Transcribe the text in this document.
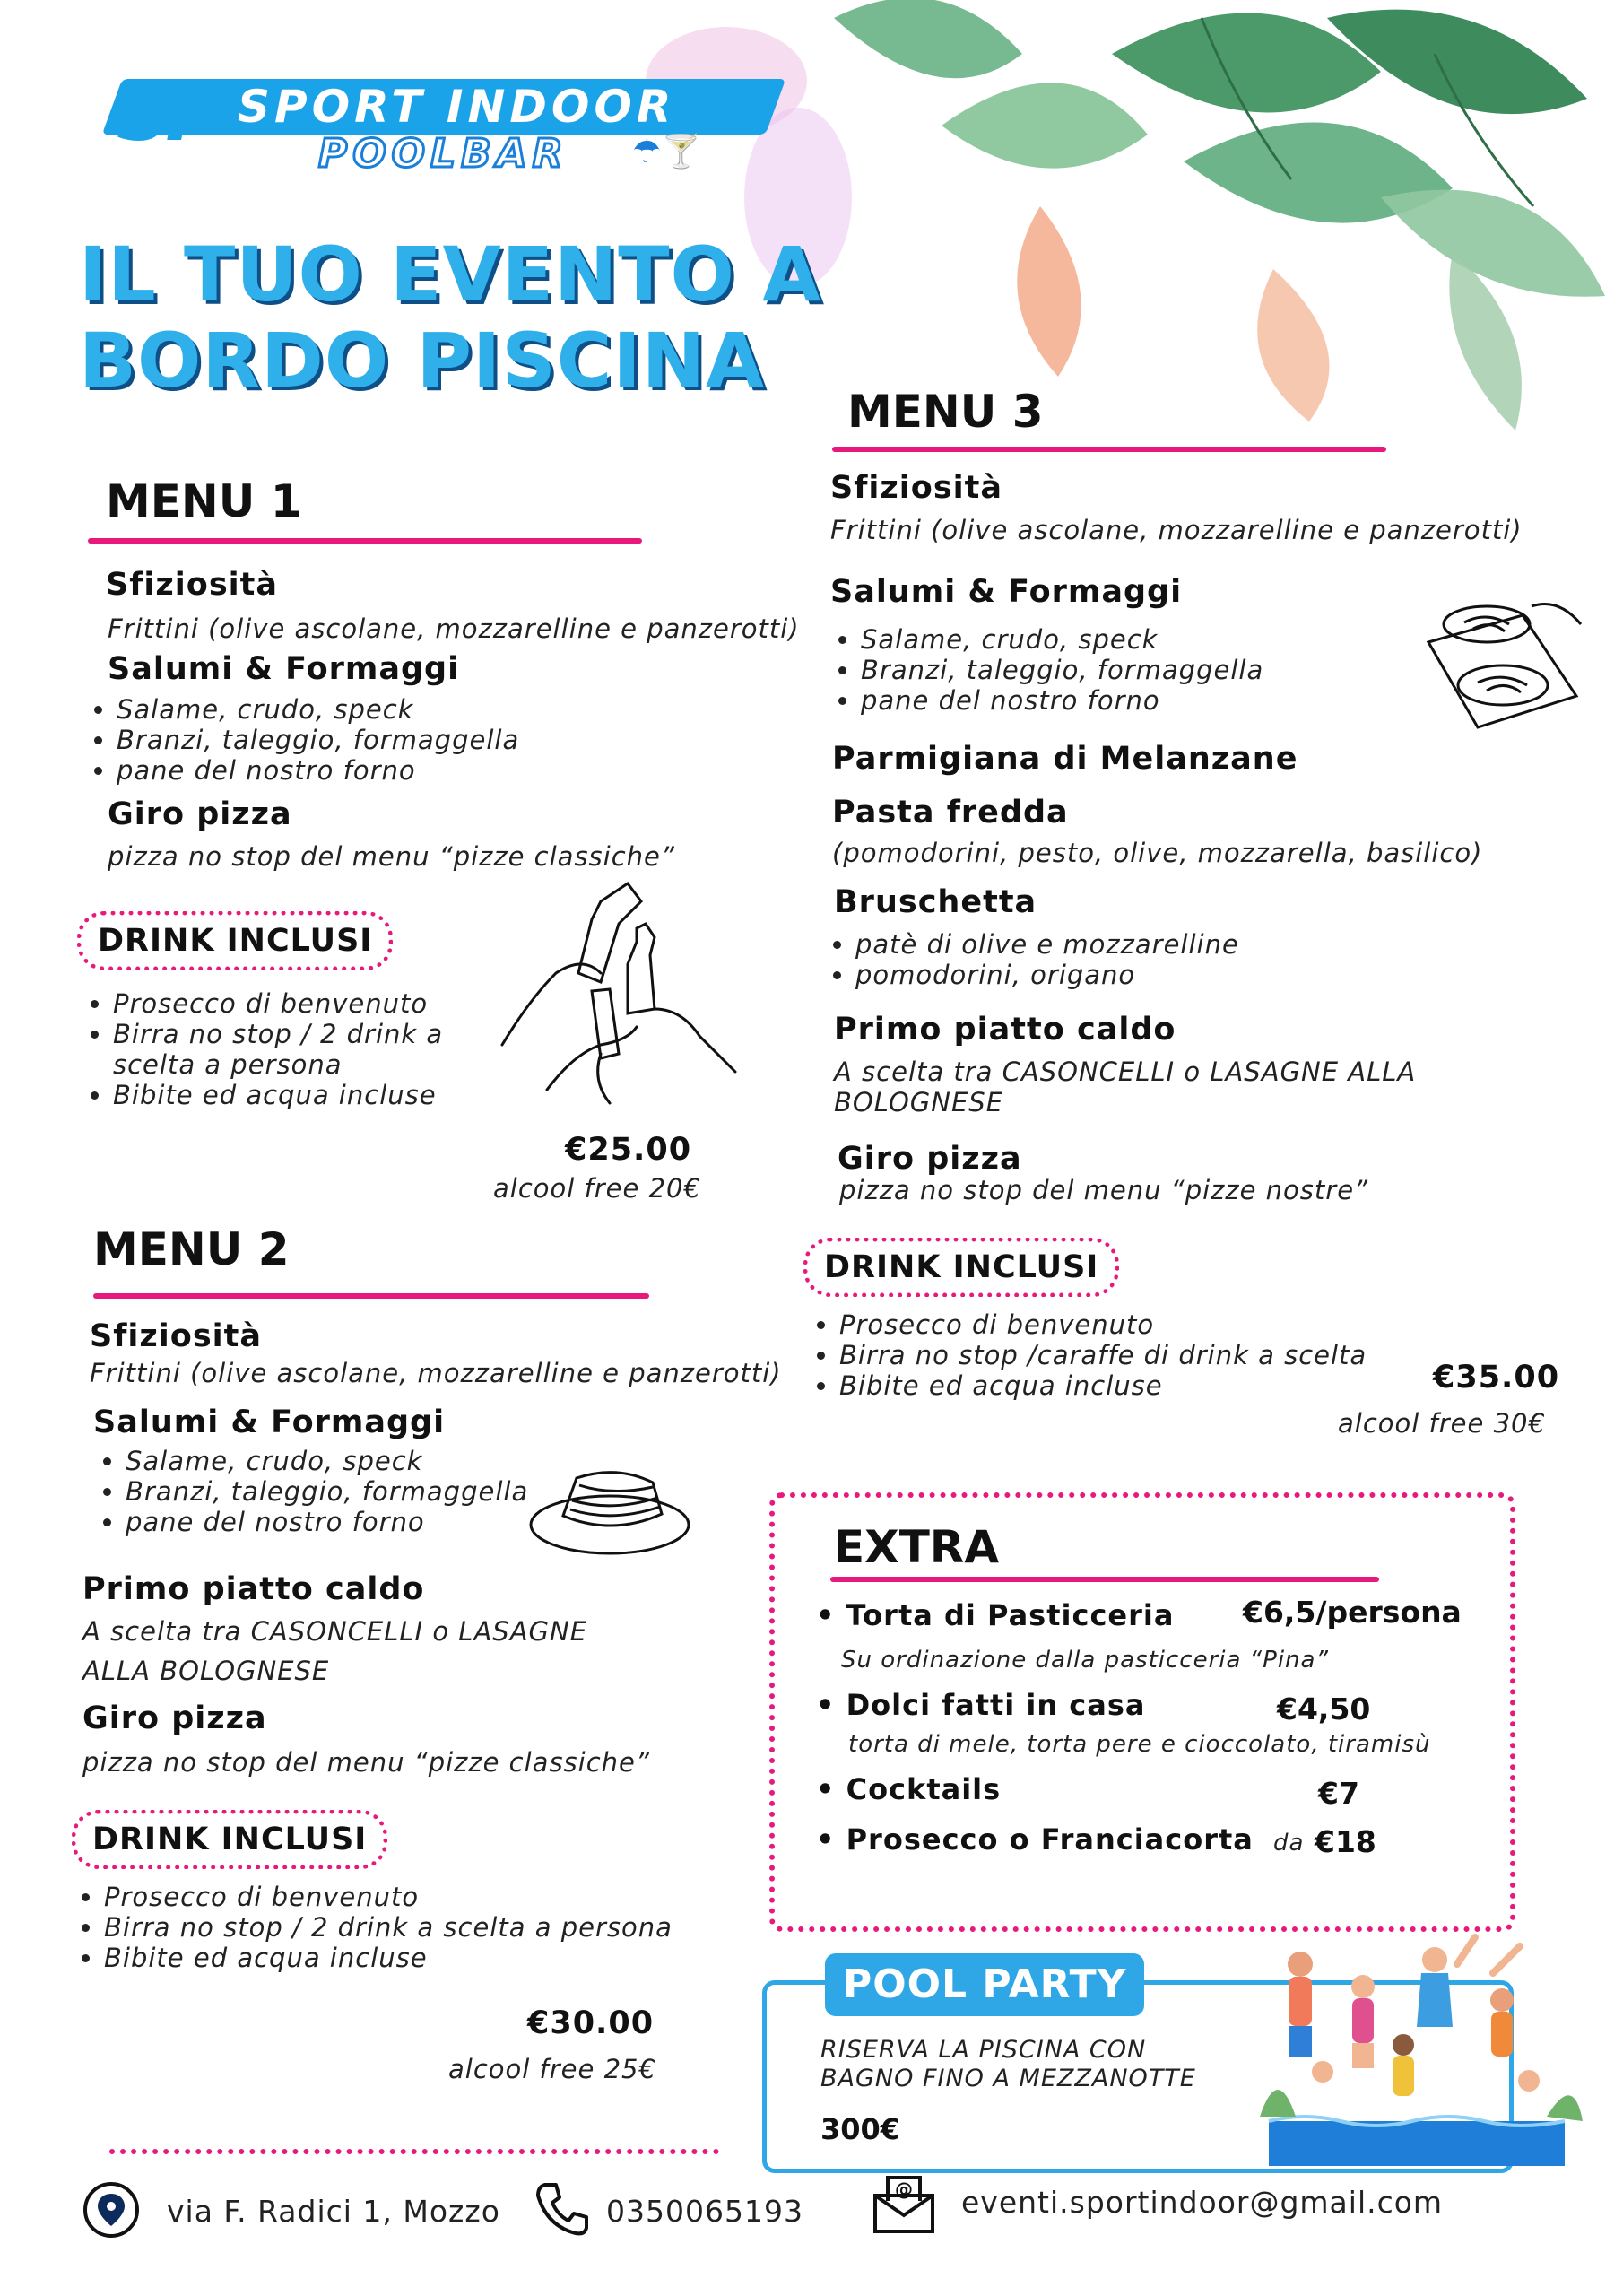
SI SPORT INDOOR
POOLBAR ☂🍸
IL TUO EVENTO A
BORDO PISCINA
MENU 1
Sfiziosità
Frittini (olive ascolane, mozzarelline e panzerotti)
Salumi & Formaggi
• Salame, crudo, speck
• Branzi, taleggio, formaggella
• pane del nostro forno
Giro pizza
pizza no stop del menu “pizze classiche”
DRINK INCLUSI
• Prosecco di benvenuto
• Birra no stop / 2 drink a scelta a persona
• Bibite ed acqua incluse
€25.00
alcool free 20€
MENU 2
Sfiziosità
Frittini (olive ascolane, mozzarelline e panzerotti)
Salumi & Formaggi
• Salame, crudo, speck
• Branzi, taleggio, formaggella
• pane del nostro forno
Primo piatto caldo
A scelta tra CASONCELLI o LASAGNE
ALLA BOLOGNESE
Giro pizza
pizza no stop del menu “pizze classiche”
DRINK INCLUSI
• Prosecco di benvenuto
• Birra no stop / 2 drink a scelta a persona
• Bibite ed acqua incluse
€30.00
alcool free 25€
MENU 3
Sfiziosità
Frittini (olive ascolane, mozzarelline e panzerotti)
Salumi & Formaggi
• Salame, crudo, speck
• Branzi, taleggio, formaggella
• pane del nostro forno
Parmigiana di Melanzane
Pasta fredda
(pomodorini, pesto, olive, mozzarella, basilico)
Bruschetta
• patè di olive e mozzarelline
• pomodorini, origano
Primo piatto caldo
A scelta tra CASONCELLI o LASAGNE ALLA
BOLOGNESE
Giro pizza
pizza no stop del menu “pizze nostre”
DRINK INCLUSI
• Prosecco di benvenuto
• Birra no stop /caraffe di drink a scelta
• Bibite ed acqua incluse	€35.00
alcool free 30€
EXTRA
• Torta di Pasticceria €6,5/persona
Su ordinazione dalla pasticceria “Pina”
• Dolci fatti in casa	€4,50
torta di mele, torta pere e cioccolato, tiramisù
• Cocktails	€7
• Prosecco o Franciacorta da €18
POOL PARTY
RISERVA LA PISCINA CON
BAGNO FINO A MEZZANOTTE
300€
via F. Radici 1, Mozzo	0350065193
@ eventi.sportindoor@gmail.com
